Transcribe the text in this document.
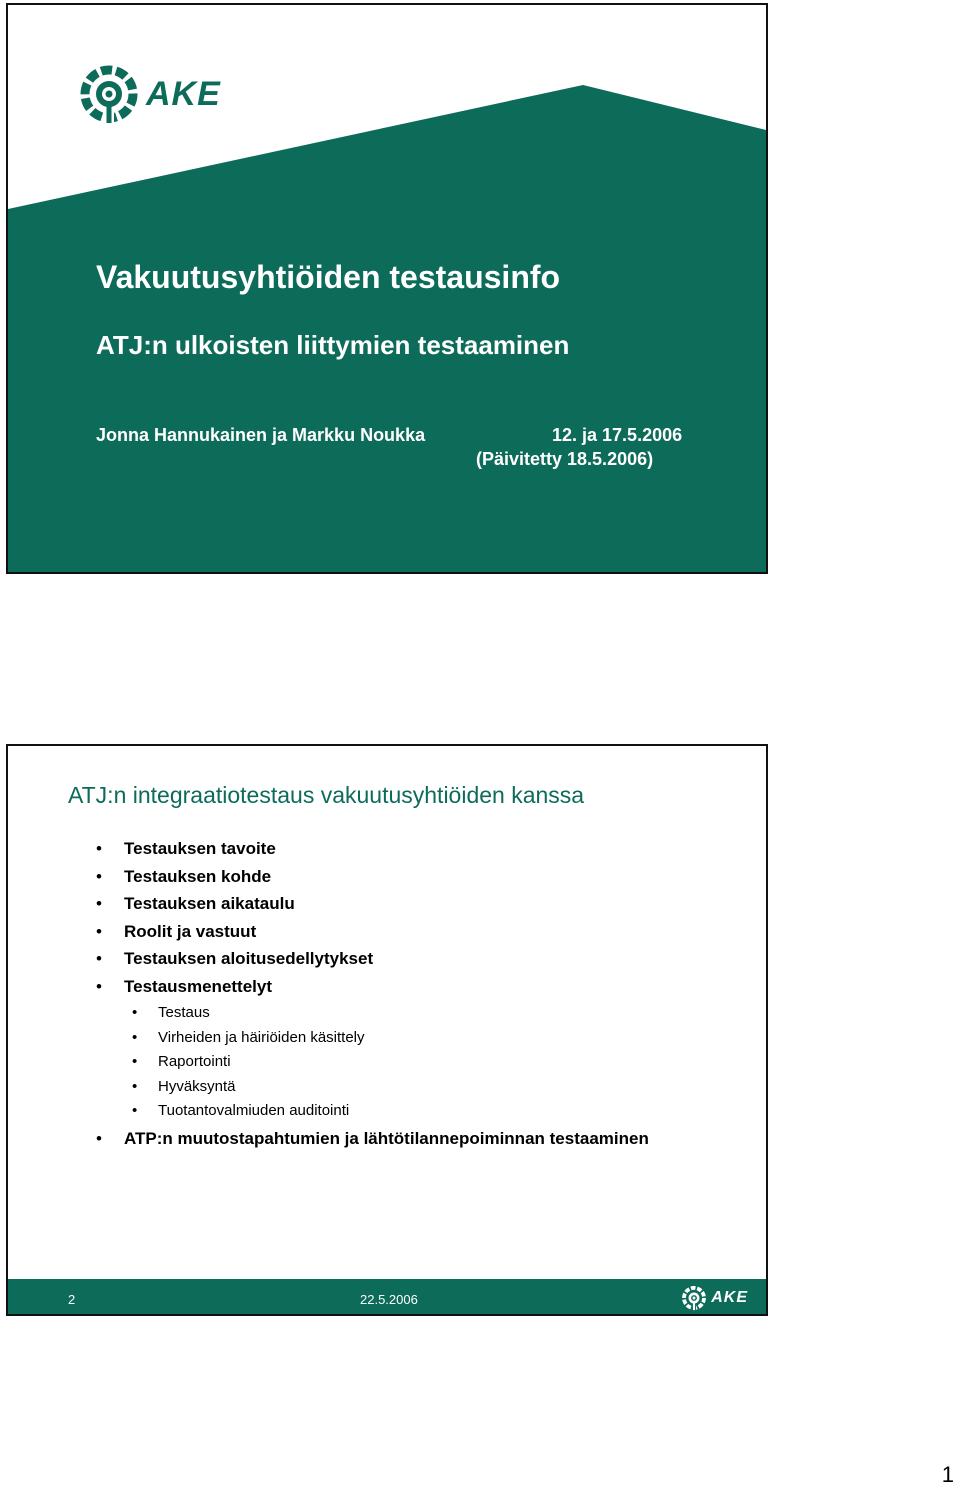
AKE
Vakuutusyhtiöiden testausinfo
ATJ:n ulkoisten liittymien testaaminen
Jonna Hannukainen ja Markku Noukka	12. ja 17.5.2006
(Päivitetty 18.5.2006)
ATJ:n integraatiotestaus vakuutusyhtiöiden kanssa
• Testauksen tavoite
• Testauksen kohde
• Testauksen aikataulu
• Roolit ja vastuut
• Testauksen aloitusedellytykset
• Testausmenettelyt
• Testaus
• Virheiden ja häiriöiden käsittely
• Raportointi
• Hyväksyntä
• Tuotantovalmiuden auditointi
• ATP:n muutostapahtumien ja lähtötilannepoiminnan testaaminen
2	22.5.2006	AKE

1
